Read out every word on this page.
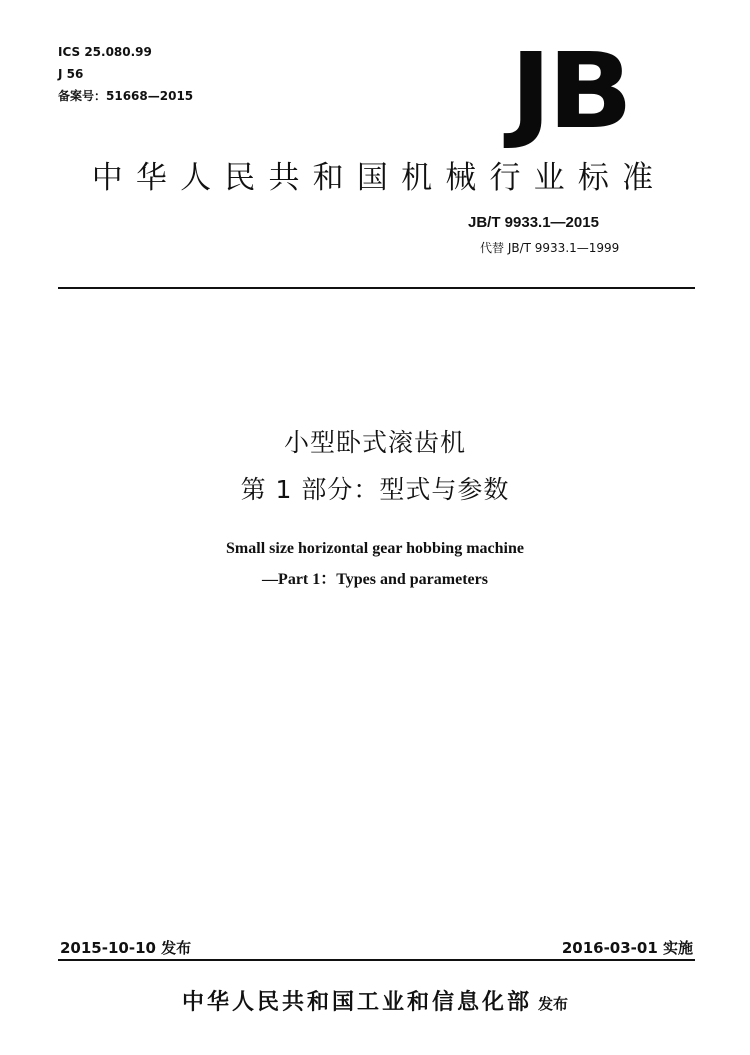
ICS 25.080.99
J 56
备案号：51668—2015	JB
中华人民共和国机械行业标准
JB/T 9933.1—2015
代替 JB/T 9933.1—1999
小型卧式滚齿机
第 1 部分：型式与参数
Small size horizontal gear hobbing machine
—Part 1：Types and parameters
2015-10-10 发布	2016-03-01 实施
中华人民共和国工业和信息化部 发布
